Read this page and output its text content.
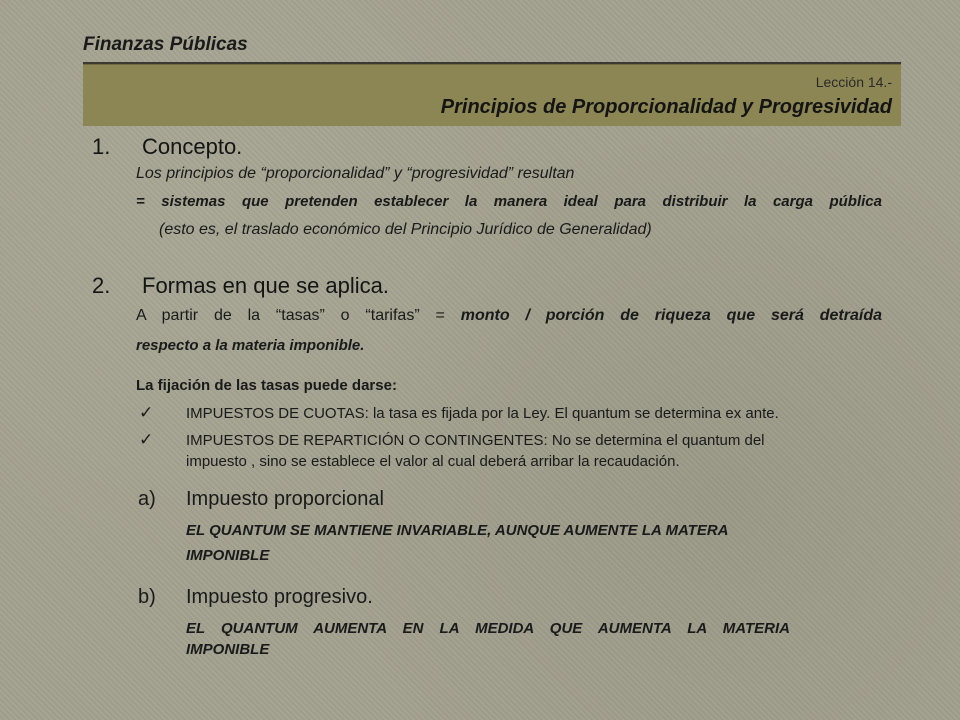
Finanzas Públicas
Lección 14.-
Principios de Proporcionalidad y Progresividad
1. Concepto.
Los principios de “proporcionalidad” y “progresividad” resultan
= sistemas que pretenden establecer la manera ideal para distribuir la carga pública
(esto es, el traslado económico del Principio Jurídico de Generalidad)
2. Formas en que se aplica.
A partir de la “tasas” o “tarifas” = monto / porción de riqueza que será detraída
respecto a la materia imponible.
La fijación de las tasas puede darse:
✓ IMPUESTOS DE CUOTAS: la tasa es fijada por la Ley. El quantum se determina ex ante.
✓ IMPUESTOS DE REPARTICIÓN O CONTINGENTES: No se determina el quantum del
impuesto , sino se establece el valor al cual deberá arribar la recaudación.
a) Impuesto proporcional
EL QUANTUM SE MANTIENE INVARIABLE, AUNQUE AUMENTE LA MATERA
IMPONIBLE
b) Impuesto progresivo.
EL QUANTUM AUMENTA EN LA MEDIDA QUE AUMENTA LA MATERIA
IMPONIBLE
